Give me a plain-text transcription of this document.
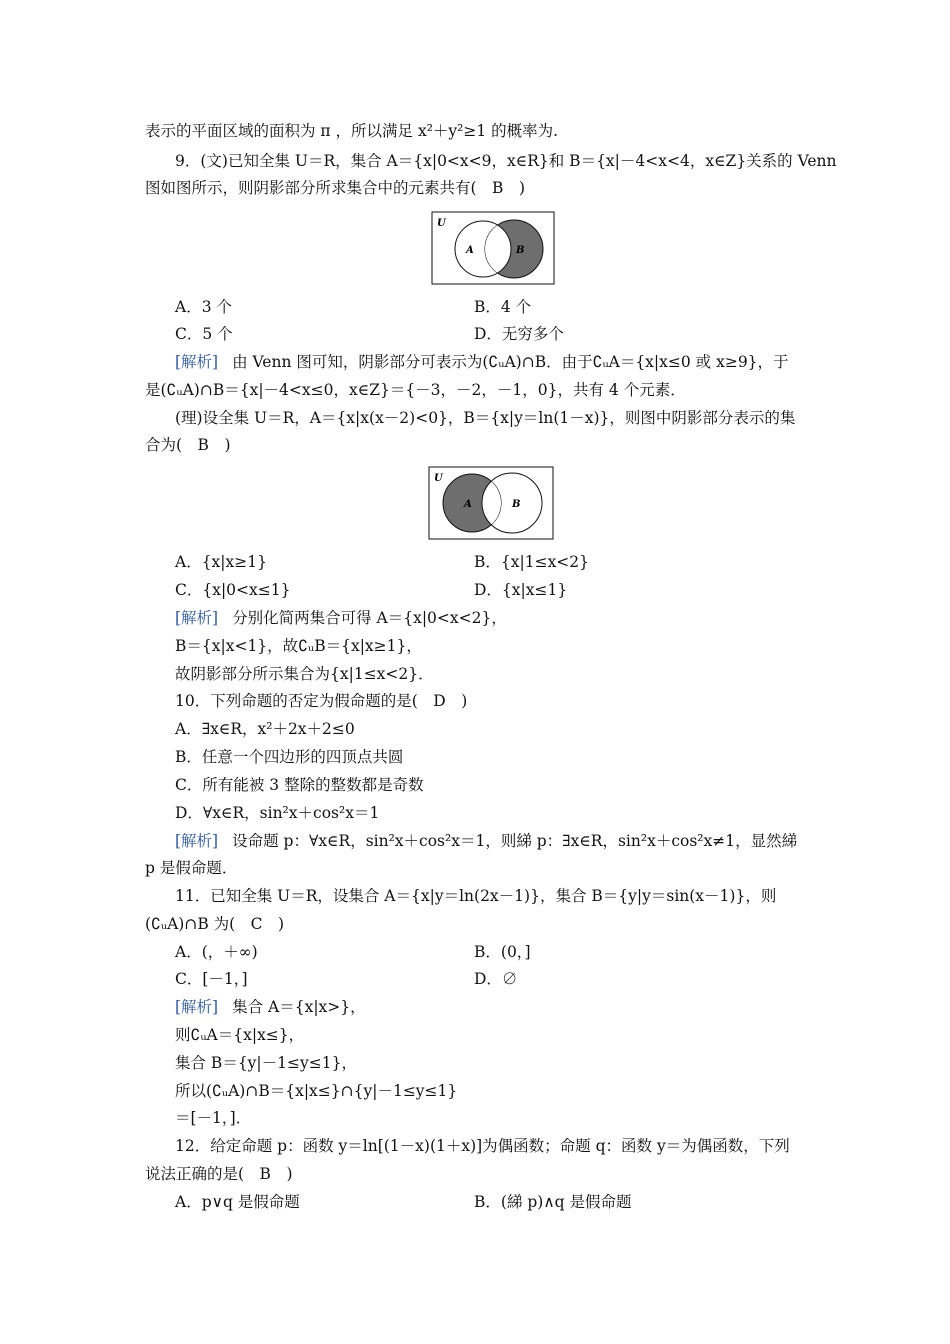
表示的平面区域的面积为 π ，所以满足 x²＋y²≥1 的概率为.
9．(文)已知全集 U＝R，集合 A＝{x|0<x<9，x∈R}和 B＝{x|－4<x<4，x∈Z}关系的 Venn
图如图所示，则阴影部分所求集合中的元素共有(　B　)
U
A	B
A．3 个	B．4 个
C．5 个	D．无穷多个
[解析] 由 Venn 图可知，阴影部分可表示为(∁ᵤA)∩B．由于∁ᵤA＝{x|x≤0 或 x≥9}，于
是(∁ᵤA)∩B＝{x|－4<x≤0，x∈Z}＝{－3，－2，－1，0}，共有 4 个元素．
(理)设全集 U＝R，A＝{x|x(x－2)<0}，B＝{x|y＝ln(1－x)}，则图中阴影部分表示的集
合为(　B　)
U
A	B
A．{x|x≥1}	B．{x|1≤x<2}
C．{x|0<x≤1}	D．{x|x≤1}
[解析] 分别化简两集合可得 A＝{x|0<x<2}，
B＝{x|x<1}，故∁ᵤB＝{x|x≥1}，
故阴影部分所示集合为{x|1≤x<2}．
10．下列命题的否定为假命题的是(　D　)
A．∃x∈R，x²＋2x＋2≤0
B．任意一个四边形的四顶点共圆
C．所有能被 3 整除的整数都是奇数
D．∀x∈R，sin²x＋cos²x＝1
[解析] 设命题 p：∀x∈R，sin²x＋cos²x＝1，则綈 p：∃x∈R，sin²x＋cos²x≠1，显然綈
p 是假命题．
11．已知全集 U＝R，设集合 A＝{x|y＝ln(2x－1)}，集合 B＝{y|y＝sin(x－1)}，则
(∁ᵤA)∩B 为(　C　)
A．(，＋∞)	B．(0，]
C．[－1，]	D．∅
[解析] 集合 A＝{x|x>}，
则∁ᵤA＝{x|x≤}，
集合 B＝{y|－1≤y≤1}，
所以(∁ᵤA)∩B＝{x|x≤}∩{y|－1≤y≤1}
＝[－1，]．
12．给定命题 p：函数 y＝ln[(1－x)(1＋x)]为偶函数；命题 q：函数 y＝为偶函数，下列
说法正确的是(　B　)
A．p∨q 是假命题	B．(綈 p)∧q 是假命题
